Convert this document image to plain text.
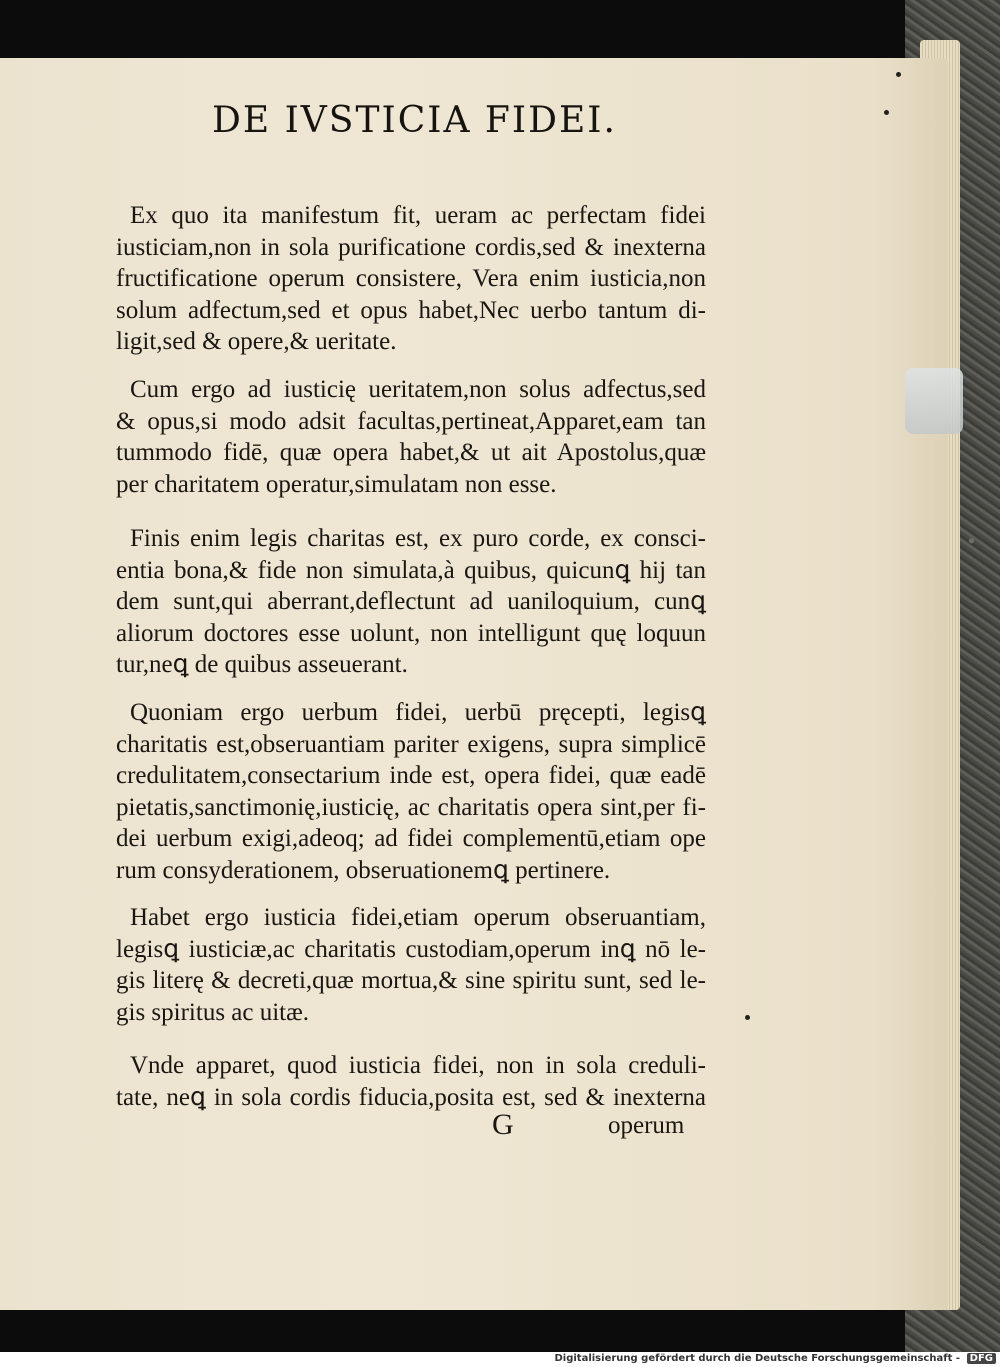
DE IVSTICIA FIDEI.
Ex quo ita manifestum fit, ueram ac perfectam fidei
iusticiam,non in sola purificatione cordis,sed & inexterna
fructificatione operum consistere, Vera enim iusticia,non
solum adfectum,sed et opus habet,Nec uerbo tantum di-
ligit,sed & opere,& ueritate.
Cum ergo ad iusticię ueritatem,non solus adfectus,sed
& opus,si modo adsit facultas,pertineat,Apparet,eam tan
tummodo fidē, quæ opera habet,& ut ait Apostolus,quæ
per charitatem operatur,simulatam non esse.
Finis enim legis charitas est, ex puro corde, ex consci-
entia bona,& fide non simulata,à quibus, quicunꝗ hij tan
dem sunt,qui aberrant,deflectunt ad uaniloquium, cunꝗ
aliorum doctores esse uolunt, non intelligunt quę loquun
tur,neꝗ de quibus asseuerant.
Quoniam ergo uerbum fidei, uerbū pręcepti, legisꝗ
charitatis est,obseruantiam pariter exigens, supra simplicē
credulitatem,consectarium inde est, opera fidei, quæ eadē
pietatis,sanctimonię,iusticię, ac charitatis opera sint,per fi-
dei uerbum exigi,adeoq; ad fidei complementū,etiam ope
rum consyderationem, obseruationemꝗ pertinere.
Habet ergo iusticia fidei,etiam operum obseruantiam,
legisꝗ iusticiæ,ac charitatis custodiam,operum inꝗ nō le-
gis literę & decreti,quæ mortua,& sine spiritu sunt, sed le-
gis spiritus ac uitæ.
Vnde apparet, quod iusticia fidei, non in sola creduli-
tate, neꝗ in sola cordis fiducia,posita est, sed & inexterna
G	operum
Digitalisierung gefördert durch die Deutsche Forschungsgemeinschaft - DFG
